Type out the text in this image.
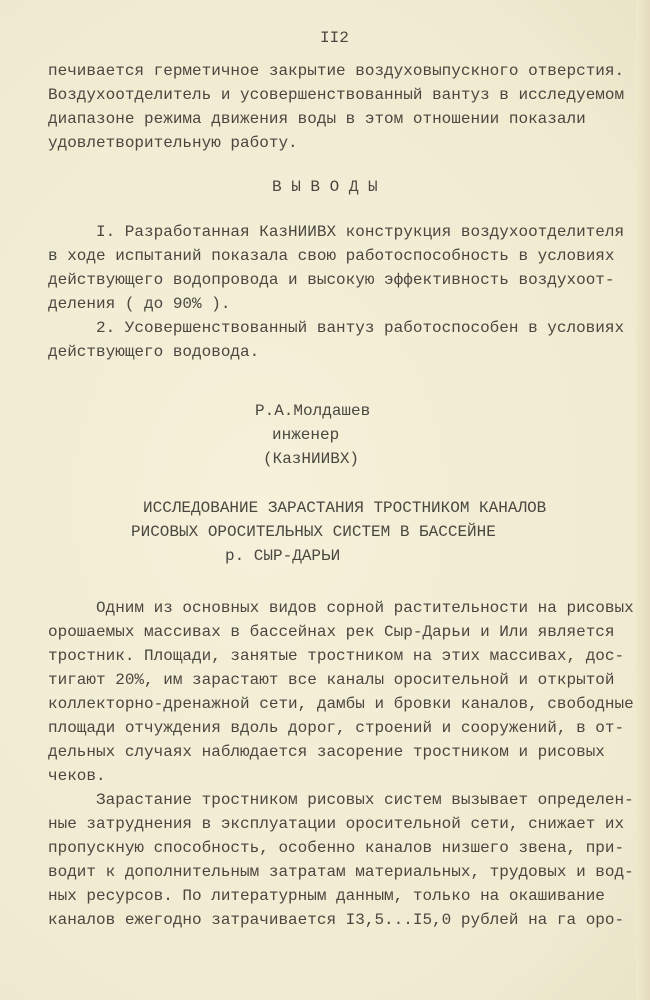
II2
печивается герметичное закрытие воздуховыпускного отверстия.
Воздухоотделитель и усовершенствованный вантуз в исследуемом
диапазоне режима движения воды в этом отношении показали
удовлетворительную работу.
В Ы В О Д Ы
I. Разработанная КазНИИВХ конструкция воздухоотделителя
в ходе испытаний показала свою работоспособность в условиях
действующего водопровода и высокую эффективность воздухоот-
деления ( до 90% ).
2. Усовершенствованный вантуз работоспособен в условиях
действующего водовода.
Р.А.Молдашев
инженер
(КазНИИВХ)
ИССЛЕДОВАНИЕ ЗАРАСТАНИЯ ТРОСТНИКОМ КАНАЛОВ
РИСОВЫХ ОРОСИТЕЛЬНЫХ СИСТЕМ В БАССЕЙНЕ
р. СЫР-ДАРЬИ
Одним из основных видов сорной растительности на рисовых
орошаемых массивах в бассейнах рек Сыр-Дарьи и Или является
тростник. Площади, занятые тростником на этих массивах, дос-
тигают 20%, им зарастают все каналы оросительной и открытой
коллекторно-дренажной сети, дамбы и бровки каналов, свободные
площади отчуждения вдоль дорог, строений и сооружений, в от-
дельных случаях наблюдается засорение тростником и рисовых
чеков.
Зарастание тростником рисовых систем вызывает определен-
ные затруднения в эксплуатации оросительной сети, снижает их
пропускную способность, особенно каналов низшего звена, при-
водит к дополнительным затратам материальных, трудовых и вод-
ных ресурсов. По литературным данным, только на окашивание
каналов ежегодно затрачивается I3,5...I5,0 рублей на га оро-
